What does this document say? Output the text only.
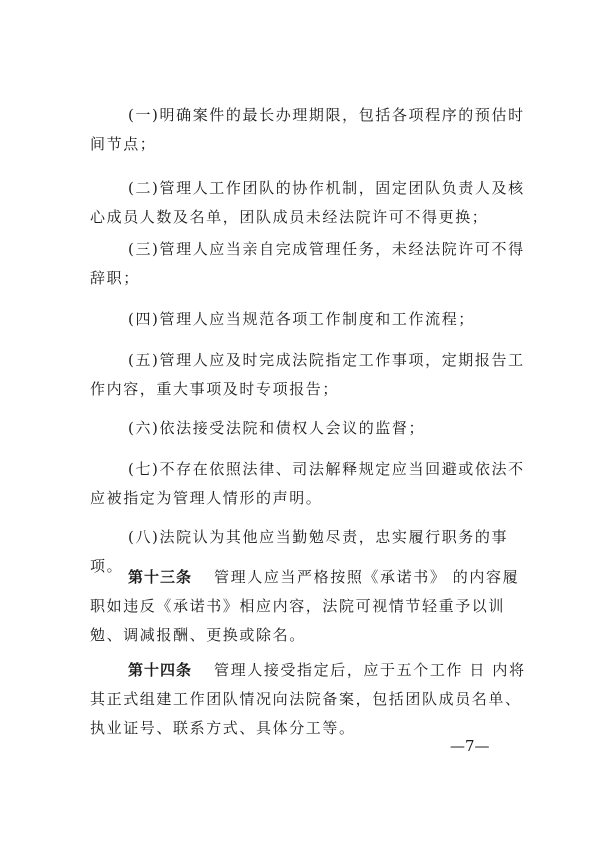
(一)明确案件的最长办理期限，包括各项程序的预估时间节点；

(二)管理人工作团队的协作机制，固定团队负责人及核心成员人数及名单，团队成员未经法院许可不得更换；

(三)管理人应当亲自完成管理任务，未经法院许可不得辞职；

(四)管理人应当规范各项工作制度和工作流程；

(五)管理人应及时完成法院指定工作事项，定期报告工作内容，重大事项及时专项报告；

(六)依法接受法院和债权人会议的监督；

(七)不存在依照法律、司法解释规定应当回避或依法不应被指定为管理人情形的声明。

(八)法院认为其他应当勤勉尽责，忠实履行职务的事项。

第十三条 管理人应当严格按照《承诺书》 的内容履职如违反《承诺书》相应内容，法院可视情节轻重予以训勉、调减报酬、更换或除名。

第十四条 管理人接受指定后，应于五个工作 日 内将其正式组建工作团队情况向法院备案，包括团队成员名单、执业证号、联系方式、具体分工等。

—7—
